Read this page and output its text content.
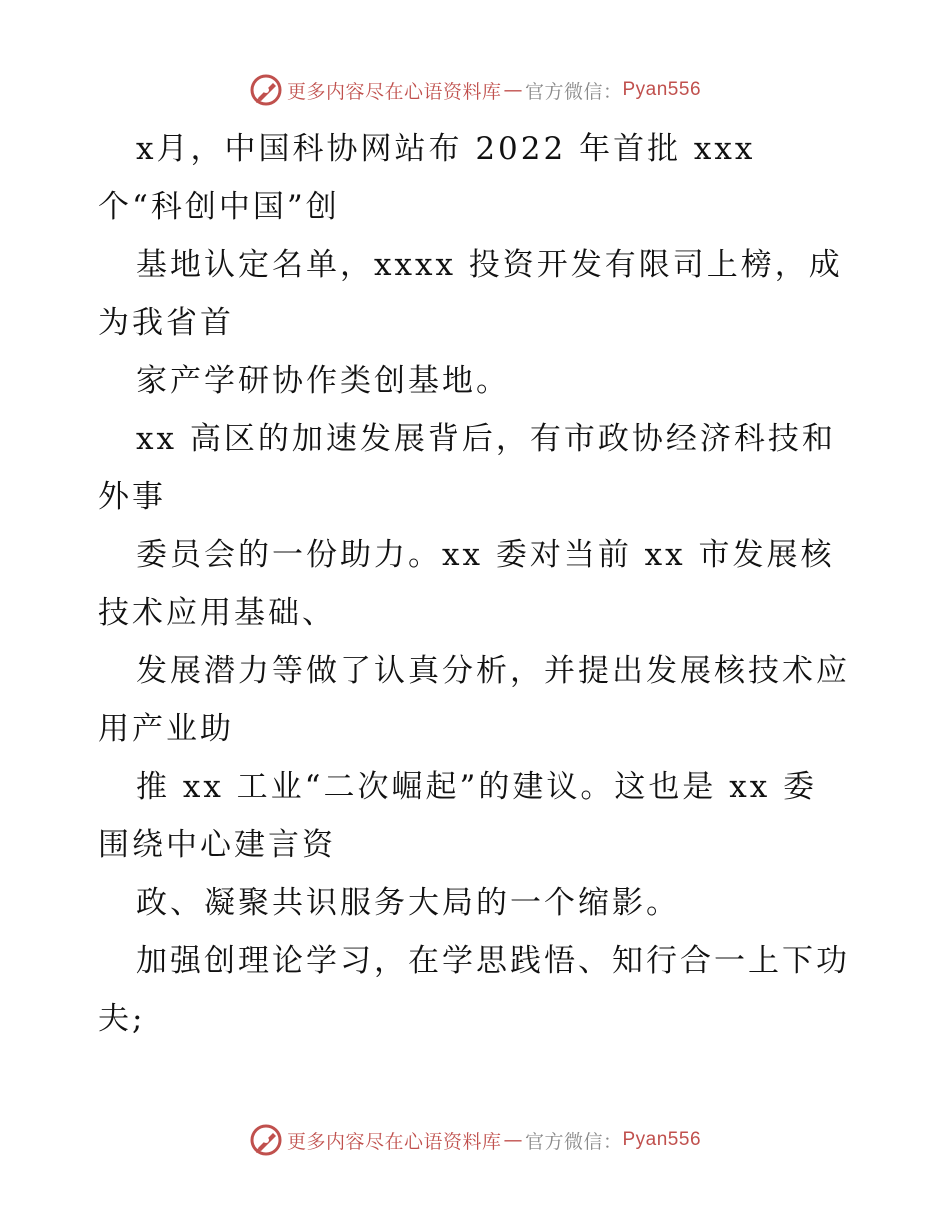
更多内容尽在心语资料库 — 官方微信： Pyan556
x月，中国科协网站布 2022 年首批 xxx
个“科创中国”创
基地认定名单，xxxx 投资开发有限司上榜，成
为我省首
家产学研协作类创基地。
xx 高区的加速发展背后，有市政协经济科技和
外事
委员会的一份助力。xx 委对当前 xx 市发展核
技术应用基础、
发展潜力等做了认真分析，并提出发展核技术应
用产业助
推 xx 工业“二次崛起”的建议。这也是 xx 委
围绕中心建言资
政、凝聚共识服务大局的一个缩影。
加强创理论学习，在学思践悟、知行合一上下功
夫;
更多内容尽在心语资料库 — 官方微信： Pyan556
